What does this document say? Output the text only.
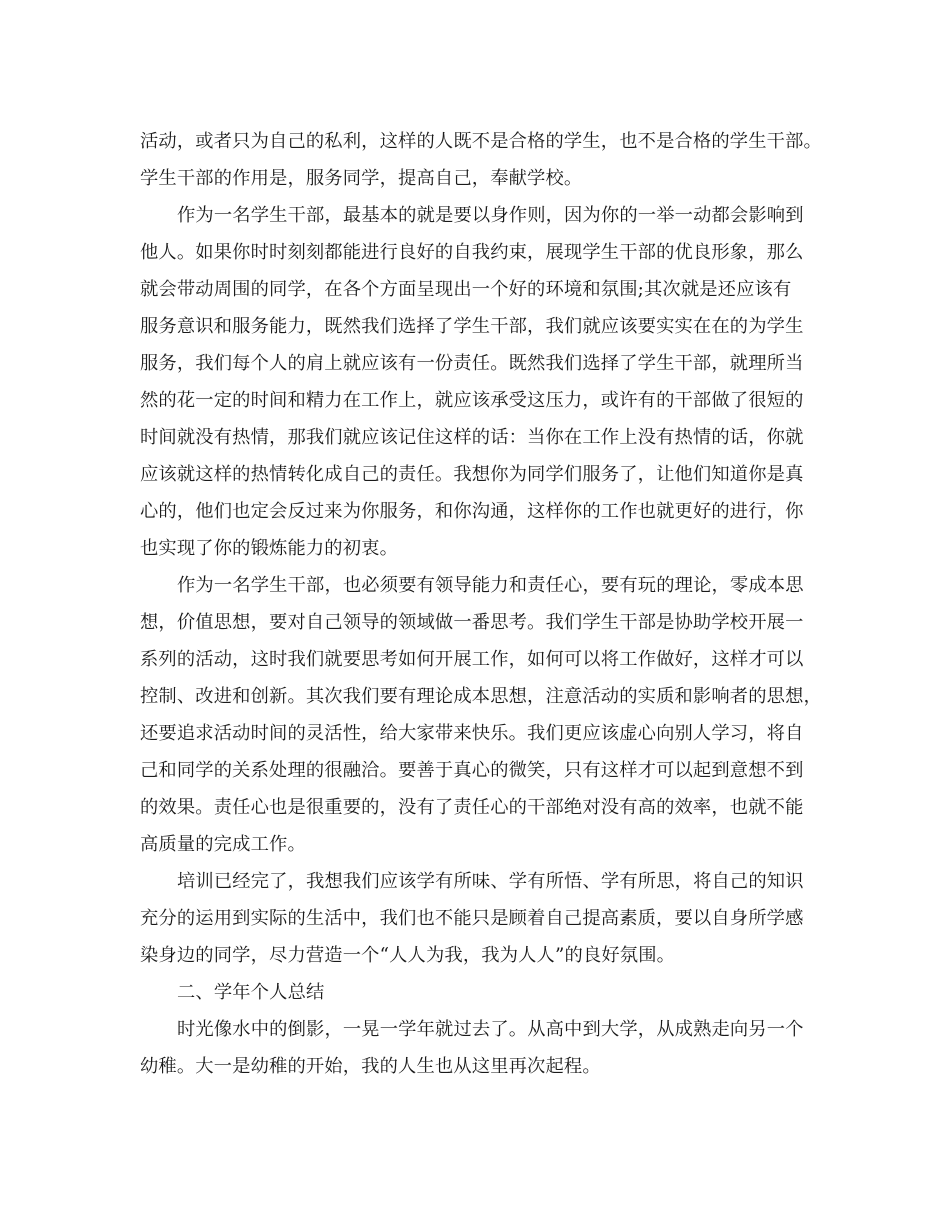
活动，或者只为自己的私利，这样的人既不是合格的学生，也不是合格的学生干部。
学生干部的作用是，服务同学，提高自己，奉献学校。
作为一名学生干部，最基本的就是要以身作则，因为你的一举一动都会影响到
他人。如果你时时刻刻都能进行良好的自我约束，展现学生干部的优良形象，那么
就会带动周围的同学，在各个方面呈现出一个好的环境和氛围;其次就是还应该有
服务意识和服务能力，既然我们选择了学生干部，我们就应该要实实在在的为学生
服务，我们每个人的肩上就应该有一份责任。既然我们选择了学生干部，就理所当
然的花一定的时间和精力在工作上，就应该承受这压力，或许有的干部做了很短的
时间就没有热情，那我们就应该记住这样的话：当你在工作上没有热情的话，你就
应该就这样的热情转化成自己的责任。我想你为同学们服务了，让他们知道你是真
心的，他们也定会反过来为你服务，和你沟通，这样你的工作也就更好的进行，你
也实现了你的锻炼能力的初衷。
作为一名学生干部，也必须要有领导能力和责任心，要有玩的理论，零成本思
想，价值思想，要对自己领导的领域做一番思考。我们学生干部是协助学校开展一
系列的活动，这时我们就要思考如何开展工作，如何可以将工作做好，这样才可以
控制、改进和创新。其次我们要有理论成本思想，注意活动的实质和影响者的思想，
还要追求活动时间的灵活性，给大家带来快乐。我们更应该虚心向别人学习，将自
己和同学的关系处理的很融洽。要善于真心的微笑，只有这样才可以起到意想不到
的效果。责任心也是很重要的，没有了责任心的干部绝对没有高的效率，也就不能
高质量的完成工作。
培训已经完了，我想我们应该学有所味、学有所悟、学有所思，将自己的知识
充分的运用到实际的生活中，我们也不能只是顾着自己提高素质，要以自身所学感
染身边的同学，尽力营造一个“人人为我，我为人人”的良好氛围。
二、学年个人总结
时光像水中的倒影，一晃一学年就过去了。从高中到大学，从成熟走向另一个
幼稚。大一是幼稚的开始，我的人生也从这里再次起程。
